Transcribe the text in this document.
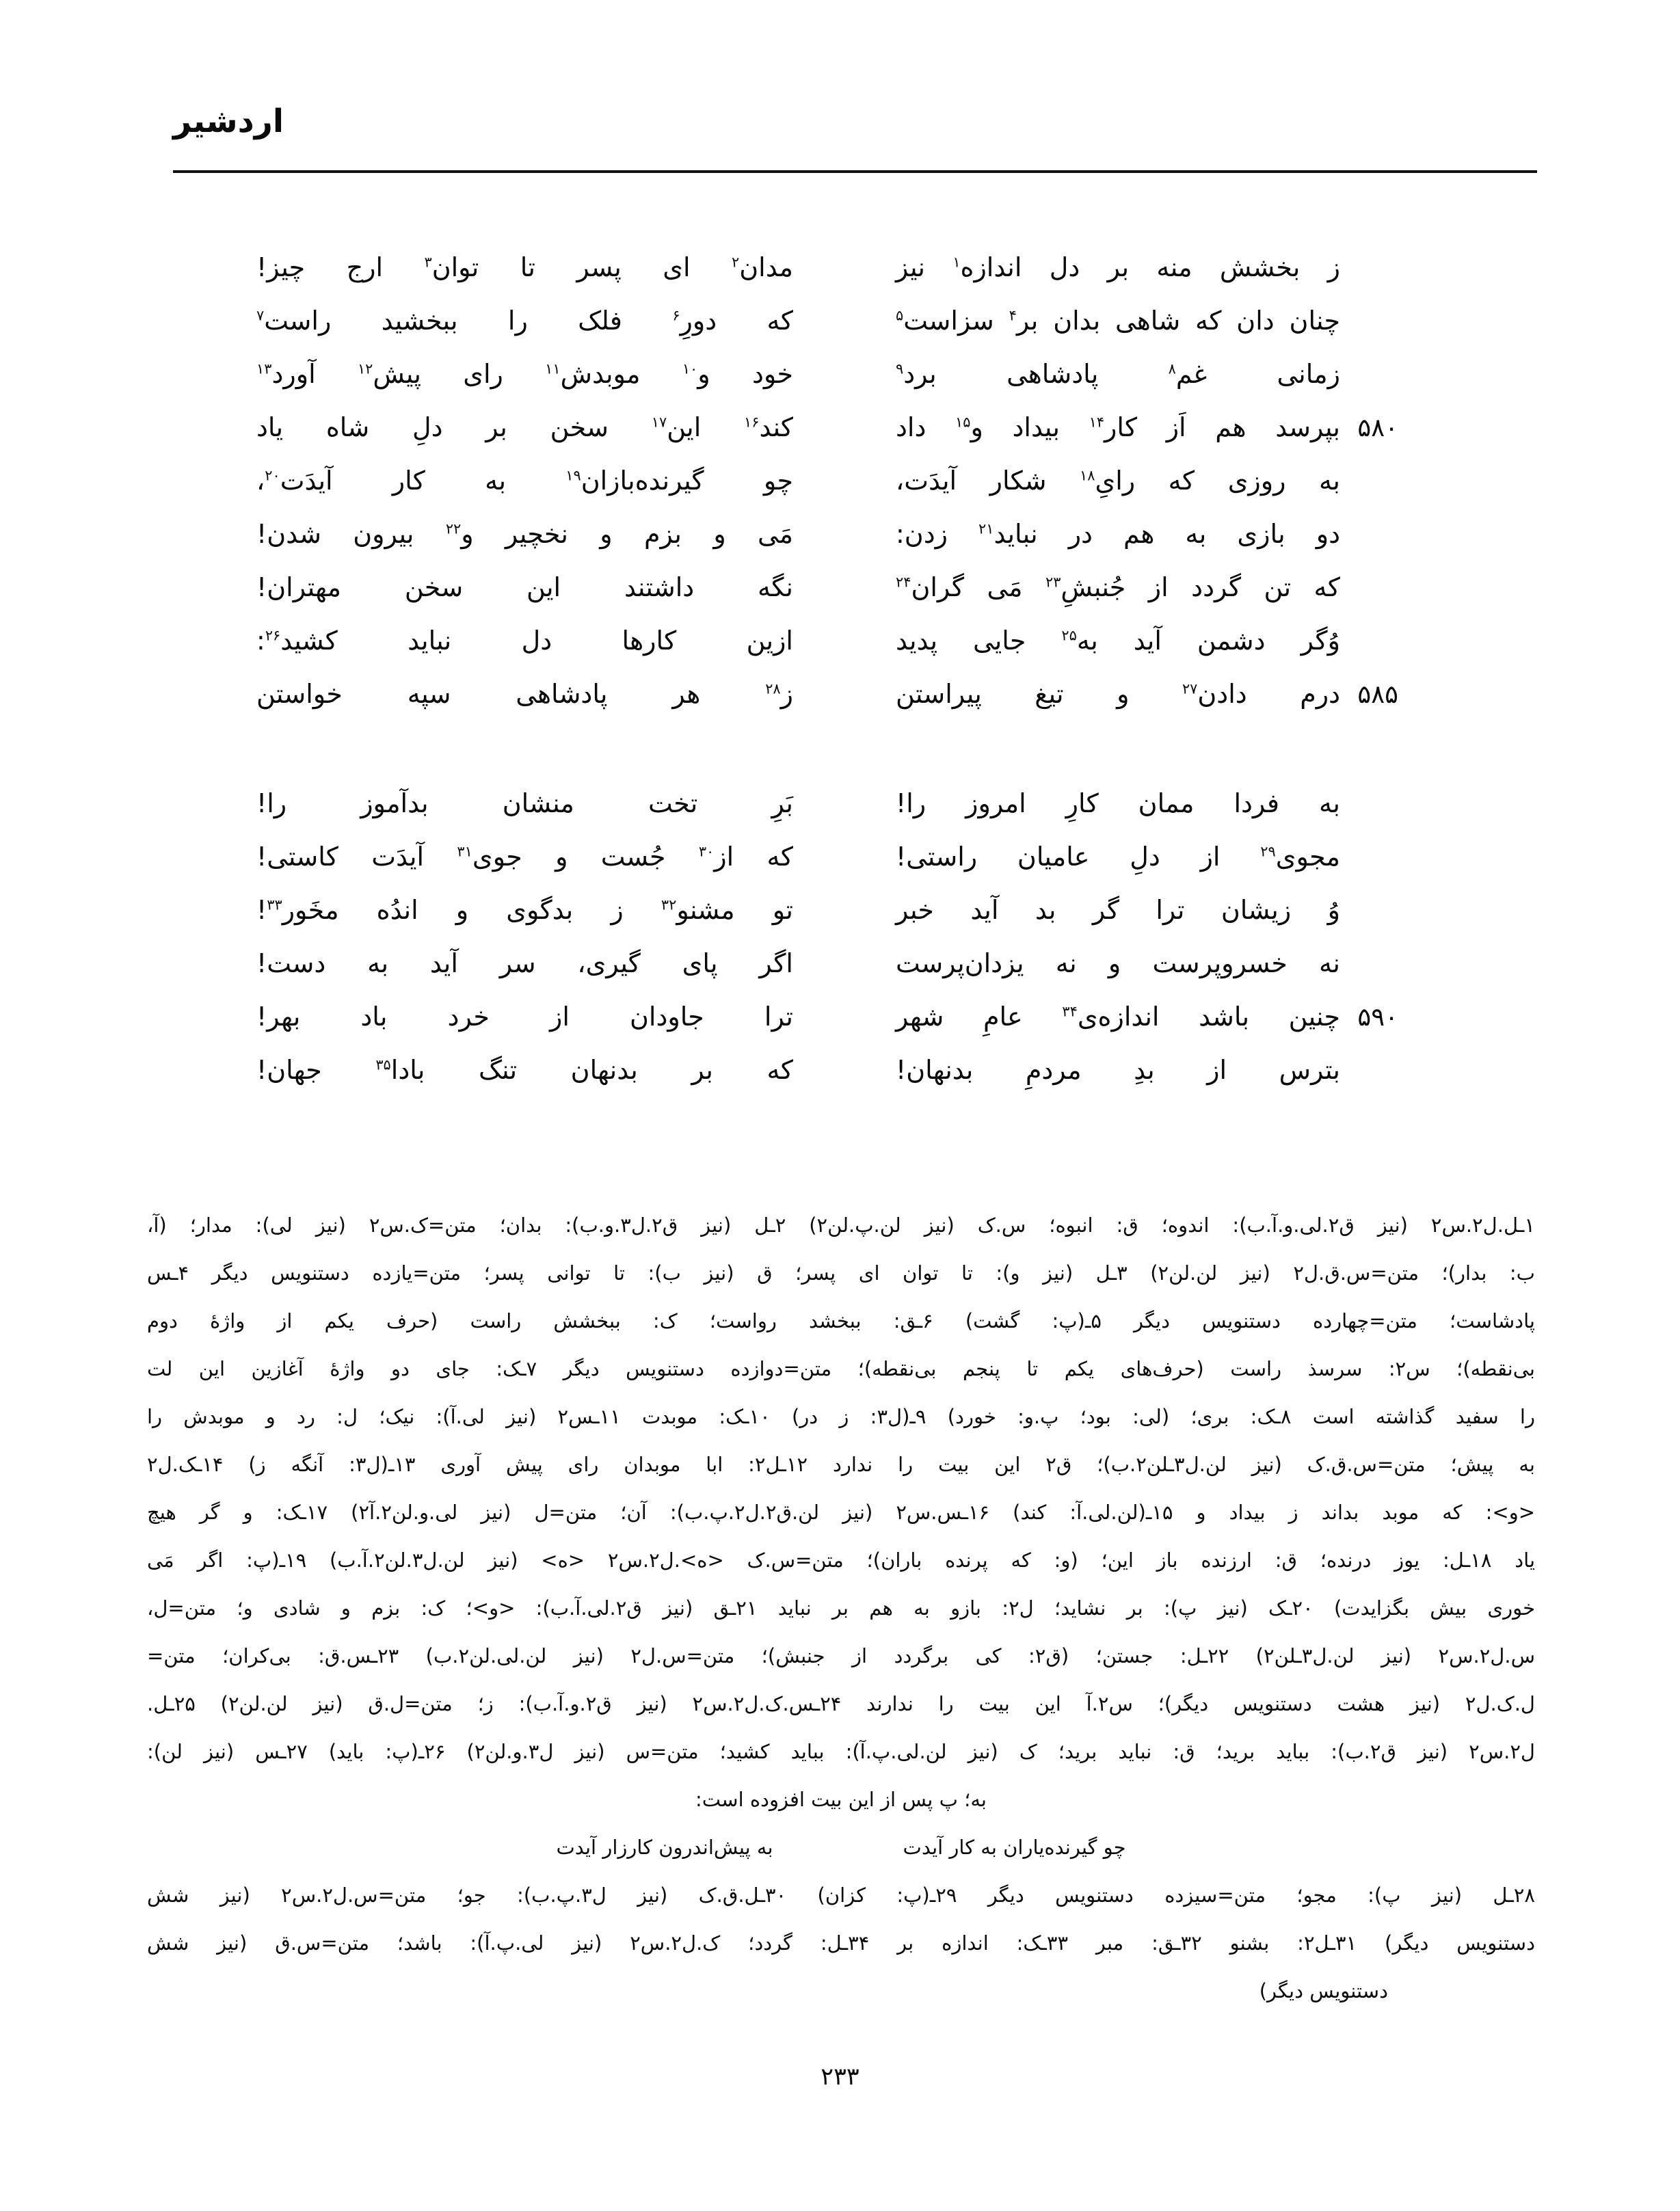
اردشیر
ز بخشش منه بر دل اندازه$^۱$ نیز
مدان$^۲$ ای پسر تا توان$^۳$ ارج چیز!
چنان دان که شاهی بدان بر$^۴$ سزاست$^۵$
که دورِ$^۶$ فلک را ببخشید راست$^۷$
زمانی غم$^۸$ پادشاهی برد$^۹$
خود و$^{۱۰}$ موبدش$^{۱۱}$ رای پیش$^{۱۲}$ آورد$^{۱۳}$
۵۸۰
بپرسد هم اَز کار$^{۱۴}$ بیداد و$^{۱۵}$ داد
کند$^{۱۶}$ این$^{۱۷}$ سخن بر دلِ شاه یاد
به روزی که رایِ$^{۱۸}$ شکار آیدَت،
چو گیرنده‌بازان$^{۱۹}$ به کار آیدَت$^{۲۰}$،
دو بازی به هم در نباید$^{۲۱}$ زدن:
مَی و بزم و نخچیر و$^{۲۲}$ بیرون شدن!
که تن گردد از جُنبشِ$^{۲۳}$ مَی گران$^{۲۴}$
نگه داشتند این سخن مهتران!
وُگر دشمن آید به$^{۲۵}$ جایی پدید
ازین کارها دل نباید کشید$^{۲۶}$:
۵۸۵
درم دادن$^{۲۷}$ و تیغ پیراستن
ز$^{۲۸}$ هر پادشاهی سپه خواستن
به فردا ممان کارِ امروز را!
بَرِ تخت منشان بدآموز را!
مجوی$^{۲۹}$ از دلِ عامیان راستی!
که از$^{۳۰}$ جُست و جوی$^{۳۱}$ آیدَت کاستی!
وُ زیشان ترا گر بد آید خبر
تو مشنو$^{۳۲}$ ز بدگوی و اندُه مخَور$^{۳۳}$!
نه خسروپرست و نه یزدان‌پرست
اگر پای گیری، سر آید به دست!
۵۹۰
چنین باشد اندازه‌ی$^{۳۴}$ عامِ شهر
ترا جاودان از خرد باد بهر!
بترس از بدِ مردمِ بدنهان!
که بر بدنهان تنگ بادا$^{۳۵}$ جهان!
۱ـل.ل۲.س۲ (نیز ق۲.لی.و.آ.ب): اندوه؛ ق: انبوه؛ س.ک (نیز لن.پ.لن۲) ۲ـل (نیز ق۲.ل۳.و.ب): بدان؛ متن=ک.س۲ (نیز لی): مدار؛ (آ،
ب: بدار)؛ متن=س.ق.ل۲ (نیز لن.لن۲) ۳ـل (نیز و): تا توان ای پسر؛ ق (نیز ب): تا توانی پسر؛ متن=یازده دستنویس دیگر ۴ـس
پادشاست؛ متن=چهارده دستنویس دیگر ۵ـ(پ: گشت) ۶ـق: ببخشد رواست؛ ک: ببخشش راست (حرف یکم از واژهٔ دوم
بی‌نقطه)؛ س۲: سرسذ راست (حرف‌های یکم تا پنجم بی‌نقطه)؛ متن=دوازده دستنویس دیگر ۷ـک: جای دو واژهٔ آغازین این لت
را سفید گذاشته است ۸ـک: بری؛ (لی: بود؛ پ.و: خورد) ۹ـ(ل۳: ز در) ۱۰ـک: موبدت ۱۱ـس۲ (نیز لی.آ): نیک؛ ل: رد و موبدش را
به پیش؛ متن=س.ق.ک (نیز لن.ل۳ـلن۲.ب)؛ ق۲ این بیت را ندارد ۱۲ـل۲: ابا موبدان رای پیش آوری ۱۳ـ(ل۳: آنگه ز) ۱۴ـک.ل۲
<و>: که موبد بداند ز بیداد و ۱۵ـ(لن.لی.آ: کند) ۱۶ـس.س۲ (نیز لن.ق۲.ل۲.پ.ب): آن؛ متن=ل (نیز لی.و.لن۲.آ۲) ۱۷ـک: و گر هیچ
یاد ۱۸ـل: یوز درنده؛ ق: ارزنده باز این؛ (و: که پرنده باران)؛ متن=س.ک <ه>.ل۲.س۲ <ه> (نیز لن.ل۳.لن۲.آ.ب) ۱۹ـ(پ: اگر مَی
خوری بیش بگزایدت) ۲۰ـک (نیز پ): بر نشاید؛ ل۲: بازو به هم بر نباید ۲۱ـق (نیز ق۲.لی.آ.ب): <و>؛ ک: بزم و شادی و؛ متن=ل،
س.ل۲.س۲ (نیز لن.ل۳ـلن۲) ۲۲ـل: جستن؛ (ق۲: کی برگردد از جنبش)؛ متن=س.ل۲ (نیز لن.لی.لن۲.ب) ۲۳ـس.ق: بی‌کران؛ متن=
ل.ک.ل۲ (نیز هشت دستنویس دیگر)؛ س۲.آ این بیت را ندارند ۲۴ـس.ک.ل۲.س۲ (نیز ق۲.و.آ.ب): ز؛ متن=ل.ق (نیز لن.لن۲) ۲۵ـل.
ل۲.س۲ (نیز ق۲.ب): بباید برید؛ ق: نباید برید؛ ک (نیز لن.لی.پ.آ): بباید کشید؛ متن=س (نیز ل۳.و.لن۲) ۲۶ـ(پ: باید) ۲۷ـس (نیز لن):
به؛ پ پس از این بیت افزوده است:
چو گیرنده‌یاران به کار آیدت
به پیش‌اندرون کارزار آیدت
۲۸ـل (نیز پ): مجو؛ متن=سیزده دستنویس دیگر ۲۹ـ(پ: کزان) ۳۰ـل.ق.ک (نیز ل۳.پ.ب): جو؛ متن=س.ل۲.س۲ (نیز شش
دستنویس دیگر) ۳۱ـل۲: بشنو ۳۲ـق: مبر ۳۳ـک: اندازه بر ۳۴ـل: گردد؛ ک.ل۲.س۲ (نیز لی.پ.آ): باشد؛ متن=س.ق (نیز شش
دستنویس دیگر)
۲۳۳
